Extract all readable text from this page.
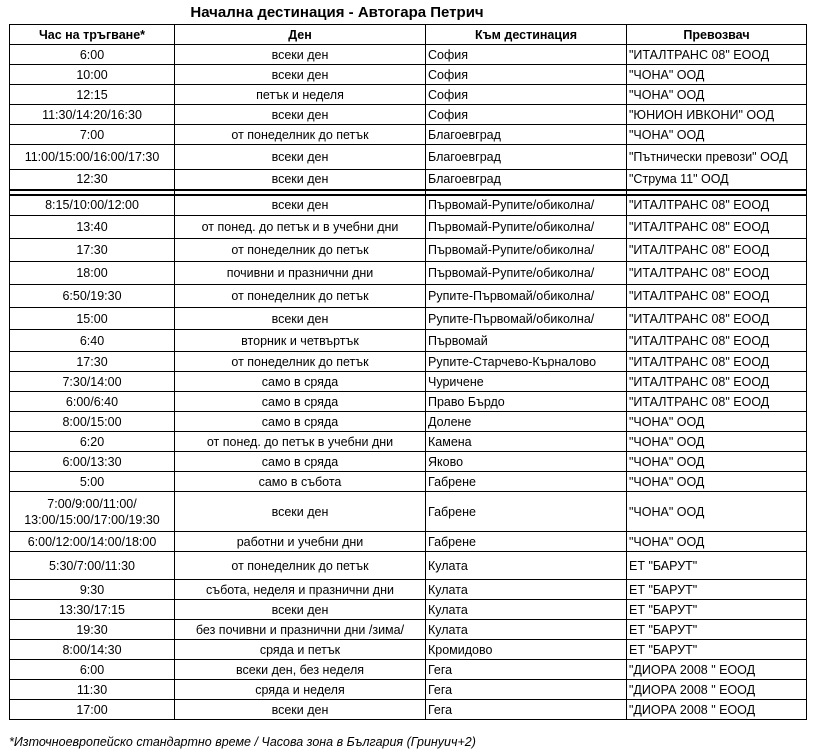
Начална дестинация - Автогара Петрич
Час на тръгване*	Ден	Към дестинация	Превозвач
6:00	всеки ден	София	"ИТАЛТРАНС 08" ЕООД
10:00	всеки ден	София	"ЧОНА" ООД
12:15	петък и неделя	София	"ЧОНА" ООД
11:30/14:20/16:30	всеки ден	София	"ЮНИОН ИВКОНИ" ООД
7:00	от понеделник до петък	Благоевград	"ЧОНА" ООД
11:00/15:00/16:00/17:30	всеки ден	Благоевград	"Пътнически превози" ООД
12:30	всеки ден	Благоевград	"Струма 11" ООД

8:15/10:00/12:00	всеки ден	Първомай-Рупите/обиколна/	"ИТАЛТРАНС 08" ЕООД
13:40	от понед. до петък и в учебни дни	Първомай-Рупите/обиколна/	"ИТАЛТРАНС 08" ЕООД
17:30	от понеделник до петък	Първомай-Рупите/обиколна/	"ИТАЛТРАНС 08" ЕООД
18:00	почивни и празнични дни	Първомай-Рупите/обиколна/	"ИТАЛТРАНС 08" ЕООД
6:50/19:30	от понеделник до петък	Рупите-Първомай/обиколна/	"ИТАЛТРАНС 08" ЕООД
15:00	всеки ден	Рупите-Първомай/обиколна/	"ИТАЛТРАНС 08" ЕООД
6:40	вторник и четвъртък	Първомай	"ИТАЛТРАНС 08" ЕООД
17:30	от понеделник до петък	Рупите-Старчево-Кърналово	"ИТАЛТРАНС 08" ЕООД
7:30/14:00	само в сряда	Чуричене	"ИТАЛТРАНС 08" ЕООД
6:00/6:40	само в сряда	Право Бърдо	"ИТАЛТРАНС 08" ЕООД
8:00/15:00	само в сряда	Долене	"ЧОНА" ООД
6:20	от понед. до петък в учебни дни	Камена	"ЧОНА" ООД
6:00/13:30	само в сряда	Яково	"ЧОНА" ООД
5:00	само в събота	Габрене	"ЧОНА" ООД

7:00/9:00/11:00/
13:00/15:00/17:00/19:30	всеки ден	Габрене	"ЧОНА" ООД
6:00/12:00/14:00/18:00	работни и учебни дни	Габрене	"ЧОНА" ООД
5:30/7:00/11:30	от понеделник до петък	Кулата	ЕТ "БАРУТ"
9:30	събота, неделя и празнични дни	Кулата	ЕТ "БАРУТ"
13:30/17:15	всеки ден	Кулата	ЕТ "БАРУТ"
19:30	без почивни и празнични дни /зима/	Кулата	ЕТ "БАРУТ"
8:00/14:30	сряда и петък	Кромидово	ЕТ "БАРУТ"
6:00	всеки ден, без неделя	Гега	"ДИОРА 2008 " ЕООД
11:30	сряда и неделя	Гега	"ДИОРА 2008 " ЕООД
17:00	всеки ден	Гега	"ДИОРА 2008 " ЕООД
*Източноевропейско стандартно време / Часова зона в България (Гринуич+2)
